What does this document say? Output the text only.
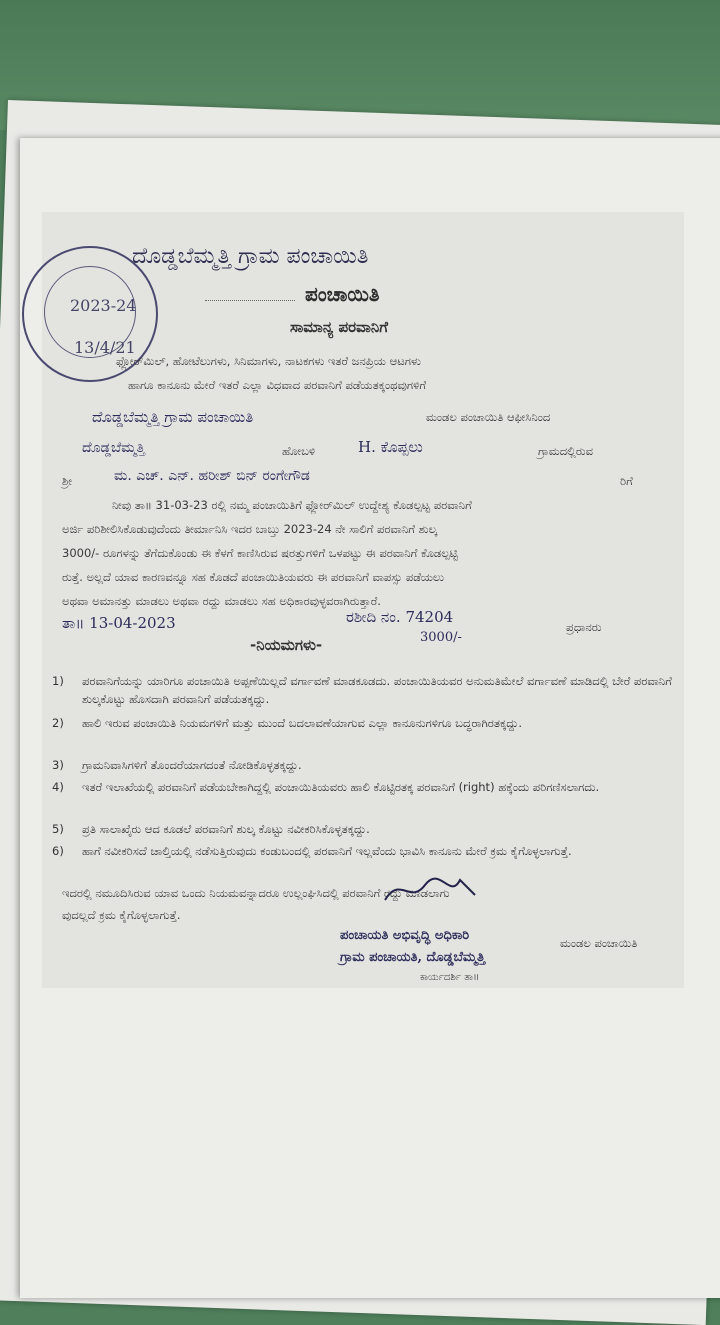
2023-24
13/4/21
ದೊಡ್ಡಬೆಮ್ಮತ್ತಿ ಗ್ರಾಮ ಪಂಚಾಯಿತಿ
ಪಂಚಾಯಿತಿ
ಸಾಮಾನ್ಯ ಪರವಾನಿಗೆ
ಫ್ಲೋರ್‌ಮಿಲ್, ಹೋಟೆಲುಗಳು, ಸಿನಿಮಾಗಳು, ನಾಟಕಗಳು ಇತರೆ ಜನಪ್ರಿಯ ಆಟಗಳು
ಹಾಗೂ ಕಾನೂನು ಮೇರೆ ಇತರೆ ಎಲ್ಲಾ ವಿಧವಾದ ಪರವಾನಿಗೆ ಪಡೆಯತಕ್ಕಂಥವುಗಳಿಗೆ
ದೊಡ್ಡಬೆಮ್ಮತ್ತಿ ಗ್ರಾಮ ಪಂಚಾಯಿತಿ	ಮಂಡಲ ಪಂಚಾಯಿತಿ ಆಫೀಸಿನಿಂದ
ದೊಡ್ಡಬೆಮ್ಮತ್ತಿ	ಹೋಬಳಿ	H. ಕೊಪ್ಪಲು	ಗ್ರಾಮದಲ್ಲಿರುವ
ಶ್ರೀ	ಮ. ಎಚ್. ಎನ್. ಹರೀಶ್ ಬಿನ್ ರಂಗೇಗೌಡ	ರಿಗೆ
ನೀವು ತಾ॥ 31-03-23 ರಲ್ಲಿ ನಮ್ಮ ಪಂಚಾಯಿತಿಗೆ ಫ್ಲೋರ್‌ಮಿಲ್ ಉದ್ದೇಶ್ಯ ಕೊಡಲ್ಪಟ್ಟ ಪರವಾನಿಗೆ
ಅರ್ಜಿ ಪರಿಶೀಲಿಸಿಕೊಡುವುದೆಂದು ತೀರ್ಮಾನಿಸಿ ಇದರ ಬಾಬ್ತು 2023-24 ನೇ ಸಾಲಿಗೆ ಪರವಾನಿಗೆ ಶುಲ್ಕ
3000/- ರೂಗಳನ್ನು ತೆಗೆದುಕೊಂಡು ಈ ಕೆಳಗೆ ಕಾಣಿಸಿರುವ ಷರತ್ತುಗಳಿಗೆ ಒಳಪಟ್ಟು ಈ ಪರವಾನಿಗೆ ಕೊಡಲ್ಪಟ್ಟಿ
ರುತ್ತೆ. ಅಲ್ಲದೆ ಯಾವ ಕಾರಣವನ್ನೂ ಸಹ ಕೊಡದೆ ಪಂಚಾಯಿತಿಯವರು ಈ ಪರವಾನಿಗೆ ವಾಪಸ್ಸು ಪಡೆಯಲು
ಅಥವಾ ಅಮಾನತ್ತು ಮಾಡಲು ಅಥವಾ ರದ್ದು ಮಾಡಲು ಸಹ ಅಧಿಕಾರವುಳ್ಳವರಾಗಿರುತ್ತಾರೆ.
ರಶೀದಿ ನಂ. 74204
3000/-
ತಾ॥ 13-04-2023	ಪ್ರಧಾನರು
-ನಿಯಮಗಳು-
1) ಪರವಾನಿಗೆಯನ್ನು ಯಾರಿಗೂ ಪಂಚಾಯಿತಿ ಅಪ್ಪಣೆಯಿಲ್ಲದೆ ವರ್ಗಾವಣೆ ಮಾಡಕೂಡದು. ಪಂಚಾಯಿತಿಯವರ ಅನುಮತಿಮೇಲೆ ವರ್ಗಾವಣೆ ಮಾಡಿದಲ್ಲಿ ಬೇರೆ ಪರವಾನಿಗೆ ಶುಲ್ಕಕೊಟ್ಟು ಹೊಸದಾಗಿ ಪರವಾನಿಗೆ ಪಡೆಯತಕ್ಕದ್ದು.
2) ಹಾಲಿ ಇರುವ ಪಂಚಾಯಿತಿ ನಿಯಮಗಳಿಗೆ ಮತ್ತು ಮುಂದೆ ಬದಲಾವಣೆಯಾಗುವ ಎಲ್ಲಾ ಕಾನೂನುಗಳಿಗೂ ಬದ್ಧರಾಗಿರತಕ್ಕದ್ದು.
3) ಗ್ರಾಮನಿವಾಸಿಗಳಿಗೆ ತೊಂದರೆಯಾಗದಂತೆ ನೋಡಿಕೊಳ್ಳತಕ್ಕದ್ದು.
4) ಇತರೆ ಇಲಾಖೆಯಲ್ಲಿ ಪರವಾನಿಗೆ ಪಡೆಯಬೇಕಾಗಿದ್ದಲ್ಲಿ ಪಂಚಾಯಿತಿಯವರು ಹಾಲಿ ಕೊಟ್ಟಿರತಕ್ಕ ಪರವಾನಿಗೆ (right) ಹಕ್ಕೆಂದು ಪರಿಗಣಿಸಲಾಗದು.
5) ಪ್ರತಿ ಸಾಲಾಖೈರು ಆದ ಕೂಡಲೆ ಪರವಾನಿಗೆ ಶುಲ್ಕ ಕೊಟ್ಟು ನವೀಕರಿಸಿಕೊಳ್ಳತಕ್ಕದ್ದು.
6) ಹಾಗೆ ನವೀಕರಿಸದೆ ಚಾಲ್ತಿಯಲ್ಲಿ ನಡೆಸುತ್ತಿರುವುದು ಕಂಡುಬಂದಲ್ಲಿ ಪರವಾನಿಗೆ ಇಲ್ಲವೆಂದು ಭಾವಿಸಿ ಕಾನೂನು ಮೇರೆ ಕ್ರಮ ಕೈಗೊಳ್ಳಲಾಗುತ್ತೆ.
ಇದರಲ್ಲಿ ನಮೂದಿಸಿರುವ ಯಾವ ಒಂದು ನಿಯಮವನ್ನಾದರೂ ಉಲ್ಲಂಘಿಸಿದಲ್ಲಿ ಪರವಾನಿಗೆ ರದ್ದು ಮಾಡಲಾಗು
ವುದಲ್ಲದೆ ಕ್ರಮ ಕೈಗೊಳ್ಳಲಾಗುತ್ತೆ.
ಪಂಚಾಯತಿ ಅಭಿವೃದ್ಧಿ ಅಧಿಕಾರಿ
ಗ್ರಾಮ ಪಂಚಾಯತಿ, ದೊಡ್ಡಬೆಮ್ಮತ್ತಿ
ಮಂಡಲ ಪಂಚಾಯಿತಿ
ಕಾರ್ಯದರ್ಶಿ ತಾ॥
